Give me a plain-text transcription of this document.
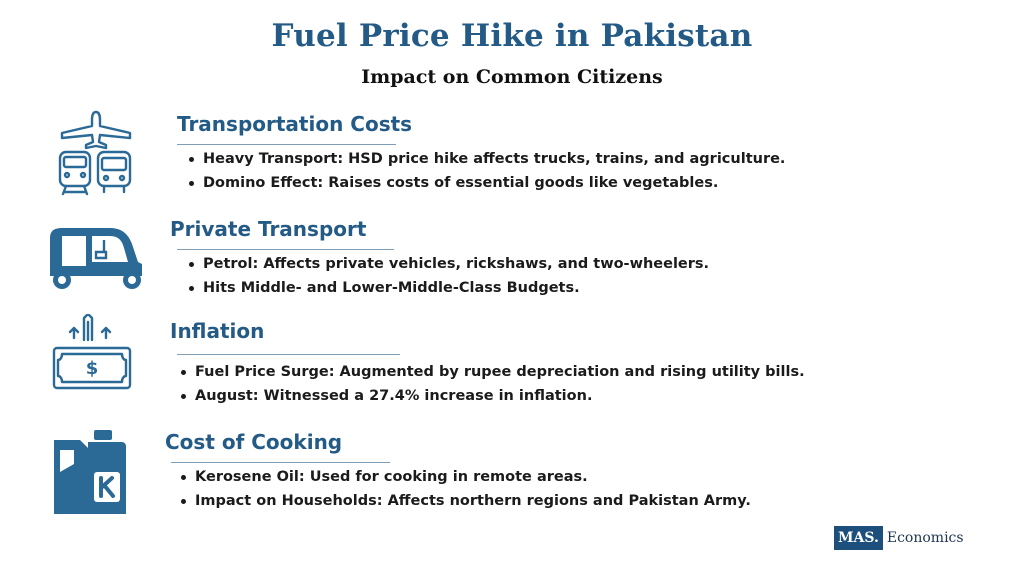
Fuel Price Hike in Pakistan
Impact on Common Citizens
Transportation Costs
Heavy Transport: HSD price hike affects trucks, trains, and agriculture.
Domino Effect: Raises costs of essential goods like vegetables.
Private Transport
Petrol: Affects private vehicles, rickshaws, and two-wheelers.
Hits Middle- and Lower-Middle-Class Budgets.
$
Inflation
Fuel Price Surge: Augmented by rupee depreciation and rising utility bills.
August: Witnessed a 27.4% increase in inflation.
Cost of Cooking
Kerosene Oil: Used for cooking in remote areas.
Impact on Households: Affects northern regions and Pakistan Army.
MAS. Economics
